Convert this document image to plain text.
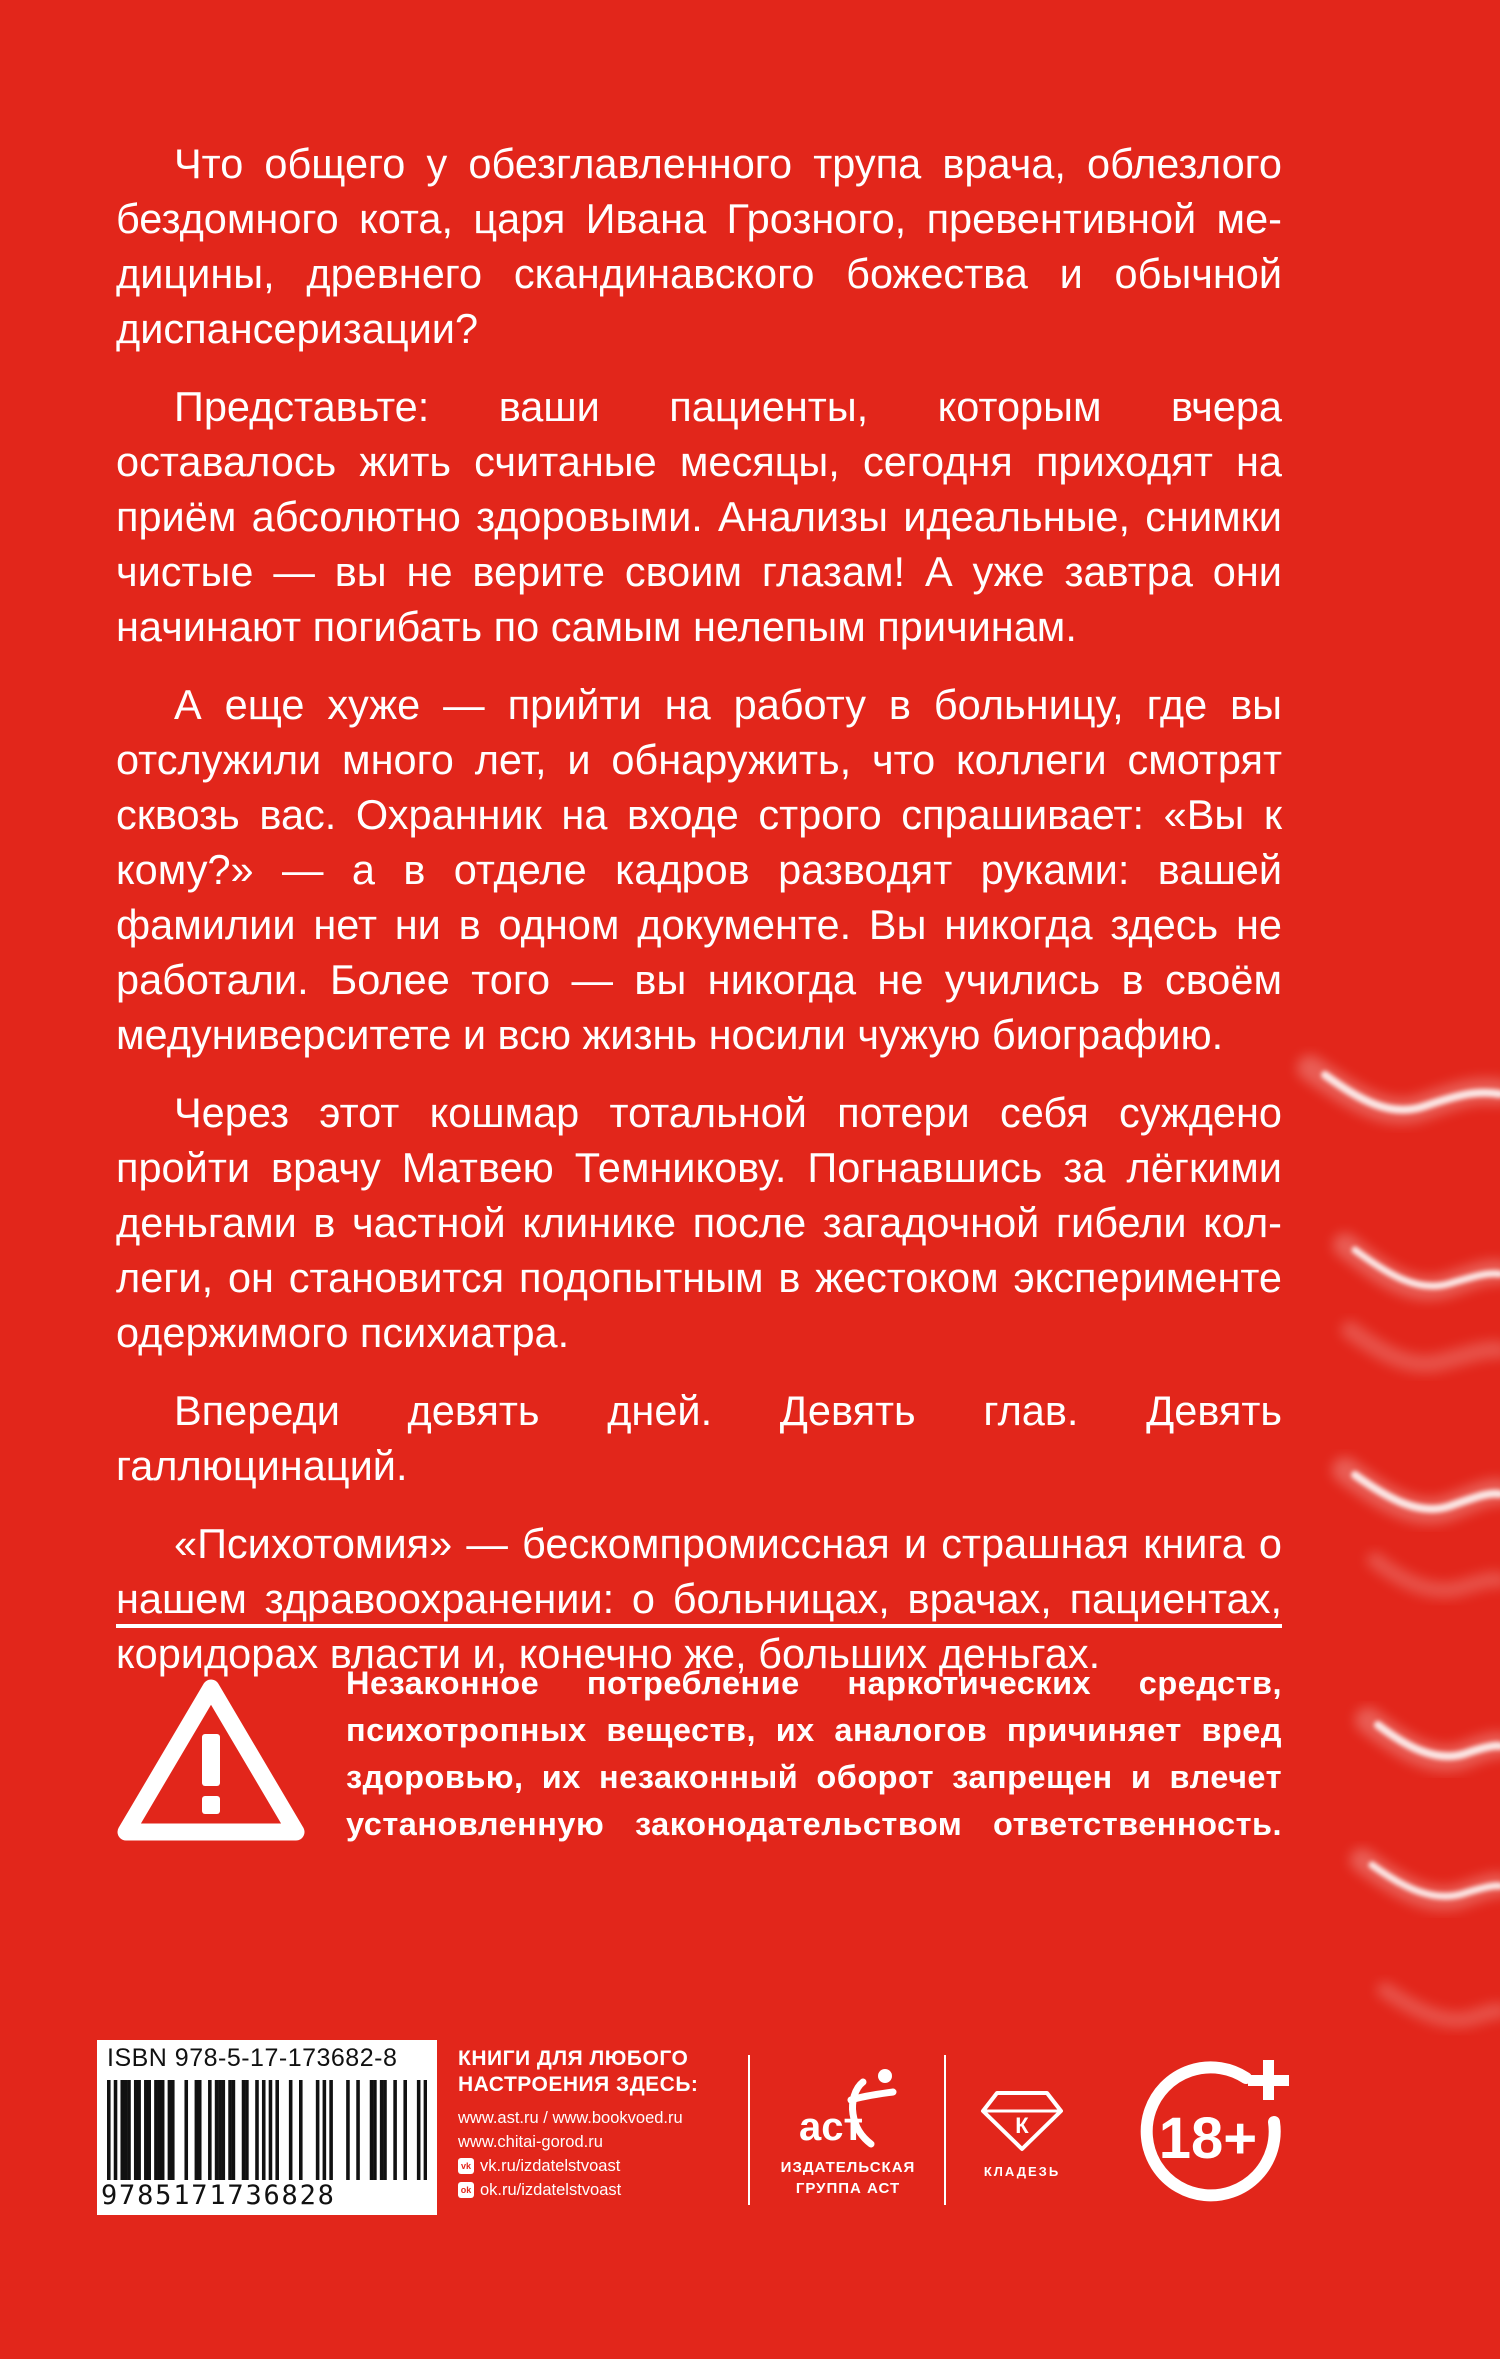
Что общего у обезглавленного трупа врача, облезлого бездомного кота, царя Ивана Грозного, превентивной медицины, древнего скандинавского божества и обычной диспансеризации?

Представьте: ваши пациенты, которым вчера оставалось жить считаные месяцы, сегодня приходят на приём абсолютно здоровыми. Анализы идеальные, снимки чистые — вы не верите своим глазам! А уже завтра они начинают погибать по самым нелепым причинам.

А еще хуже — прийти на работу в больницу, где вы отслужили много лет, и обнаружить, что коллеги смотрят сквозь вас. Охранник на входе строго спрашивает: «Вы к кому?» — а в отделе кадров разводят руками: вашей фамилии нет ни в одном документе. Вы никогда здесь не работали. Более того — вы никогда не учились в своём медуниверситете и всю жизнь носили чужую биографию.

Через этот кошмар тотальной потери себя суждено пройти врачу Матвею Темникову. Погнавшись за лёгкими деньгами в частной клинике после загадочной гибели коллеги, он становится подопытным в жестоком эксперименте одержимого психиатра.

Впереди девять дней. Девять глав. Девять галлюцинаций.

«Психотомия» — бескомпромиссная и страшная книга о нашем здравоохранении: о больницах, врачах, пациентах, коридорах власти и, конечно же, больших деньгах.

Незаконное потребление наркотических средств, психотропных веществ, их аналогов причиняет вред здоровью, их незаконный оборот запрещен и влечет установленную законодательством ответственность.
ISBN 978-5-17-173682-8
9785171736828
КНИГИ ДЛЯ ЛЮБОГО
НАСТРОЕНИЯ ЗДЕСЬ:
www.ast.ru / www.bookvoed.ru
www.chitai-gorod.ru
vk vk.ru/izdatelstvoast
ok ok.ru/izdatelstvoast
аст
ИЗДАТЕЛЬСКАЯ
ГРУППА АСТ
К
КЛАДЕЗЬ
18+
